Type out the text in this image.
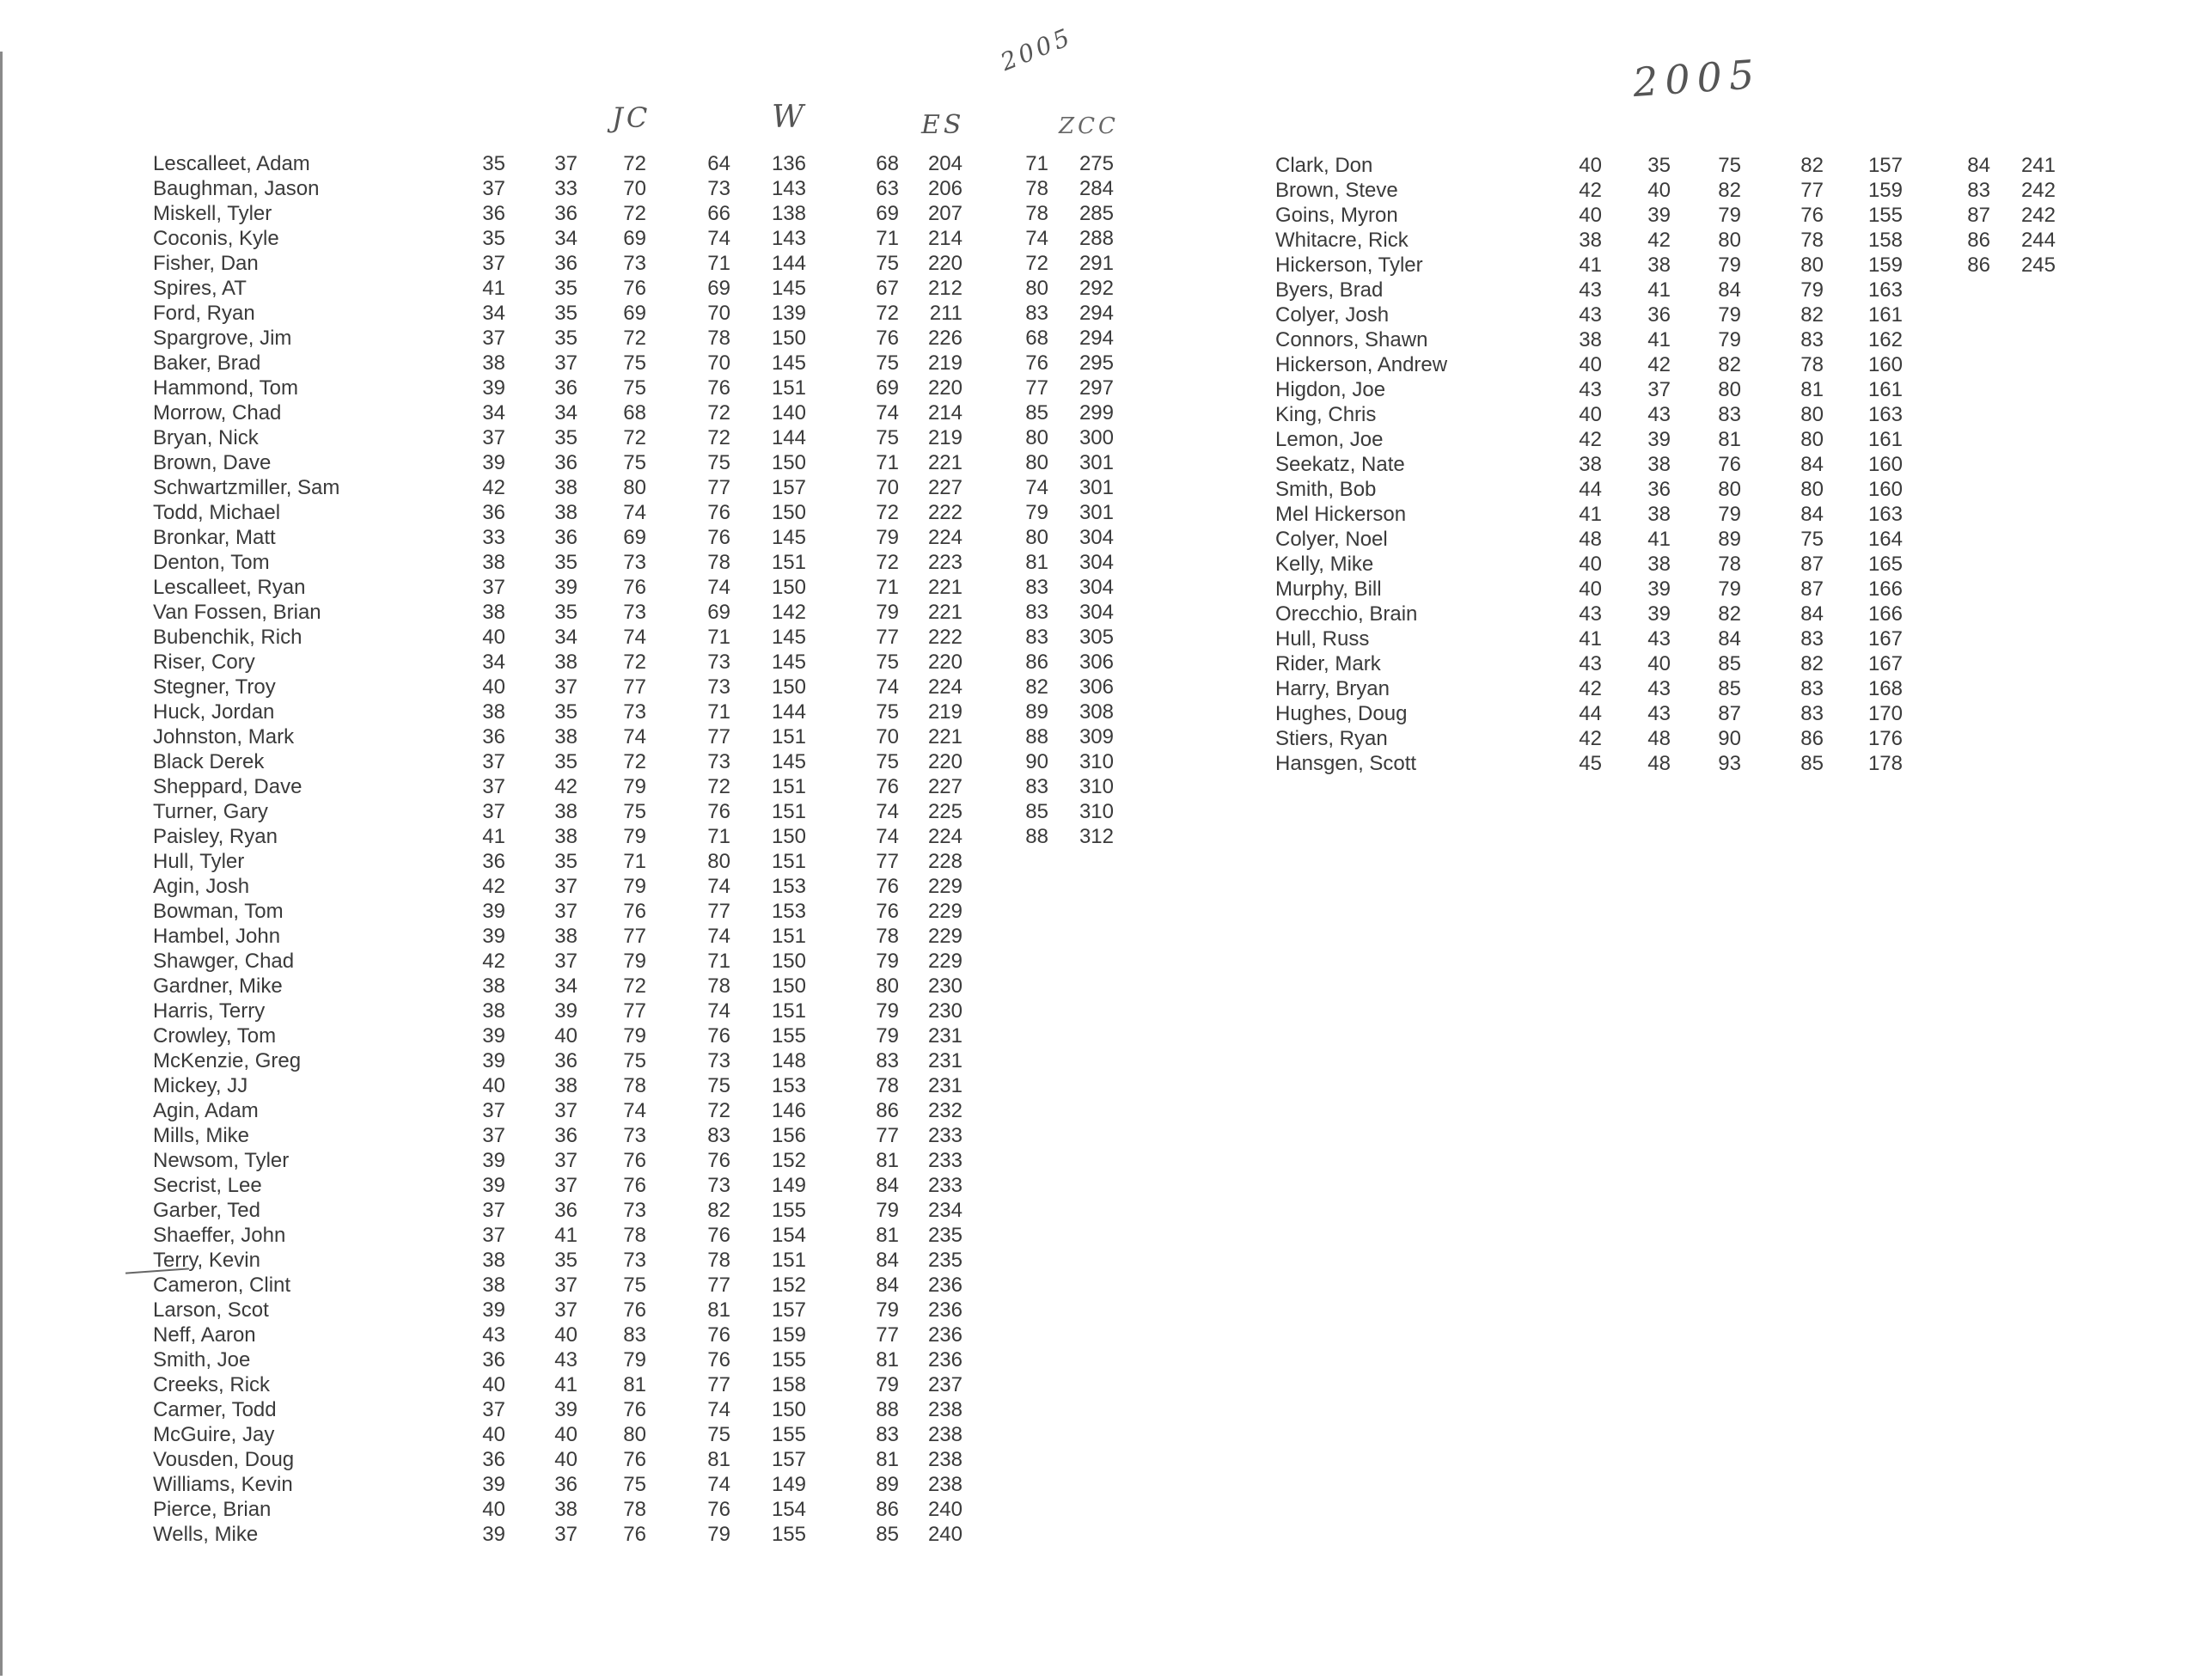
2005
JC	W	ES	ZCC
2005
Lescalleet, Adam	35	37	72	64	136	68	204	71	275
Baughman, Jason	37	33	70	73	143	63	206	78	284
Miskell, Tyler	36	36	72	66	138	69	207	78	285
Coconis, Kyle	35	34	69	74	143	71	214	74	288
Fisher, Dan	37	36	73	71	144	75	220	72	291
Spires, AT	41	35	76	69	145	67	212	80	292
Ford, Ryan	34	35	69	70	139	72	211	83	294
Spargrove, Jim	37	35	72	78	150	76	226	68	294
Baker, Brad	38	37	75	70	145	75	219	76	295
Hammond, Tom	39	36	75	76	151	69	220	77	297
Morrow, Chad	34	34	68	72	140	74	214	85	299
Bryan, Nick	37	35	72	72	144	75	219	80	300
Brown, Dave	39	36	75	75	150	71	221	80	301
Schwartzmiller, Sam	42	38	80	77	157	70	227	74	301
Todd, Michael	36	38	74	76	150	72	222	79	301
Bronkar, Matt	33	36	69	76	145	79	224	80	304
Denton, Tom	38	35	73	78	151	72	223	81	304
Lescalleet, Ryan	37	39	76	74	150	71	221	83	304
Van Fossen, Brian	38	35	73	69	142	79	221	83	304
Bubenchik, Rich	40	34	74	71	145	77	222	83	305
Riser, Cory	34	38	72	73	145	75	220	86	306
Stegner, Troy	40	37	77	73	150	74	224	82	306
Huck, Jordan	38	35	73	71	144	75	219	89	308
Johnston, Mark	36	38	74	77	151	70	221	88	309
Black Derek	37	35	72	73	145	75	220	90	310
Sheppard, Dave	37	42	79	72	151	76	227	83	310
Turner, Gary	37	38	75	76	151	74	225	85	310
Paisley, Ryan	41	38	79	71	150	74	224	88	312
Hull, Tyler	36	35	71	80	151	77	228
Agin, Josh	42	37	79	74	153	76	229
Bowman, Tom	39	37	76	77	153	76	229
Hambel, John	39	38	77	74	151	78	229
Shawger, Chad	42	37	79	71	150	79	229
Gardner, Mike	38	34	72	78	150	80	230
Harris, Terry	38	39	77	74	151	79	230
Crowley, Tom	39	40	79	76	155	79	231
McKenzie, Greg	39	36	75	73	148	83	231
Mickey, JJ	40	38	78	75	153	78	231
Agin, Adam	37	37	74	72	146	86	232
Mills, Mike	37	36	73	83	156	77	233
Newsom, Tyler	39	37	76	76	152	81	233
Secrist, Lee	39	37	76	73	149	84	233
Garber, Ted	37	36	73	82	155	79	234
Shaeffer, John	37	41	78	76	154	81	235
Terry, Kevin	38	35	73	78	151	84	235
Cameron, Clint	38	37	75	77	152	84	236
Larson, Scot	39	37	76	81	157	79	236
Neff, Aaron	43	40	83	76	159	77	236
Smith, Joe	36	43	79	76	155	81	236
Creeks, Rick	40	41	81	77	158	79	237
Carmer, Todd	37	39	76	74	150	88	238
McGuire, Jay	40	40	80	75	155	83	238
Vousden, Doug	36	40	76	81	157	81	238
Williams, Kevin	39	36	75	74	149	89	238
Pierce, Brian	40	38	78	76	154	86	240
Wells, Mike	39	37	76	79	155	85	240
Clark, Don	40	35	75	82	157	84	241
Brown, Steve	42	40	82	77	159	83	242
Goins, Myron	40	39	79	76	155	87	242
Whitacre, Rick	38	42	80	78	158	86	244
Hickerson, Tyler	41	38	79	80	159	86	245
Byers, Brad	43	41	84	79	163
Colyer, Josh	43	36	79	82	161
Connors, Shawn	38	41	79	83	162
Hickerson, Andrew	40	42	82	78	160
Higdon, Joe	43	37	80	81	161
King, Chris	40	43	83	80	163
Lemon, Joe	42	39	81	80	161
Seekatz, Nate	38	38	76	84	160
Smith, Bob	44	36	80	80	160
Mel Hickerson	41	38	79	84	163
Colyer, Noel	48	41	89	75	164
Kelly, Mike	40	38	78	87	165
Murphy, Bill	40	39	79	87	166
Orecchio, Brain	43	39	82	84	166
Hull, Russ	41	43	84	83	167
Rider, Mark	43	40	85	82	167
Harry, Bryan	42	43	85	83	168
Hughes, Doug	44	43	87	83	170
Stiers, Ryan	42	48	90	86	176
Hansgen, Scott	45	48	93	85	178
